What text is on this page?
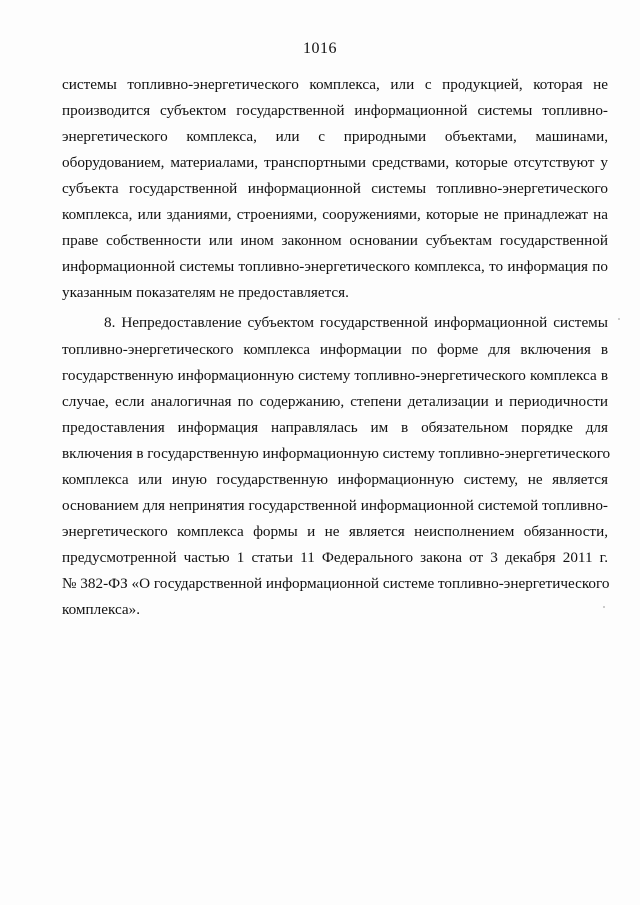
1016
системы топливно-энергетического комплекса, или с продукцией, которая не
производится субъектом государственной информационной системы топливно-
энергетического комплекса, или с природными объектами, машинами,
оборудованием, материалами, транспортными средствами, которые отсутствуют у
субъекта государственной информационной системы топливно-энергетического
комплекса, или зданиями, строениями, сооружениями, которые не принадлежат на
праве собственности или ином законном основании субъектам государственной
информационной системы топливно-энергетического комплекса, то информация по
указанным показателям не предоставляется.
8. Непредоставление субъектом государственной информационной системы
топливно-энергетического комплекса информации по форме для включения в
государственную информационную систему топливно-энергетического комплекса в
случае, если аналогичная по содержанию, степени детализации и периодичности
предоставления информация направлялась им в обязательном порядке для
включения в государственную информационную систему топливно-энергетического
комплекса или иную государственную информационную систему, не является
основанием для непринятия государственной информационной системой топливно-
энергетического комплекса формы и не является неисполнением обязанности,
предусмотренной частью 1 статьи 11 Федерального закона от 3 декабря 2011 г.
№ 382-ФЗ «О государственной информационной системе топливно-энергетического
комплекса».
